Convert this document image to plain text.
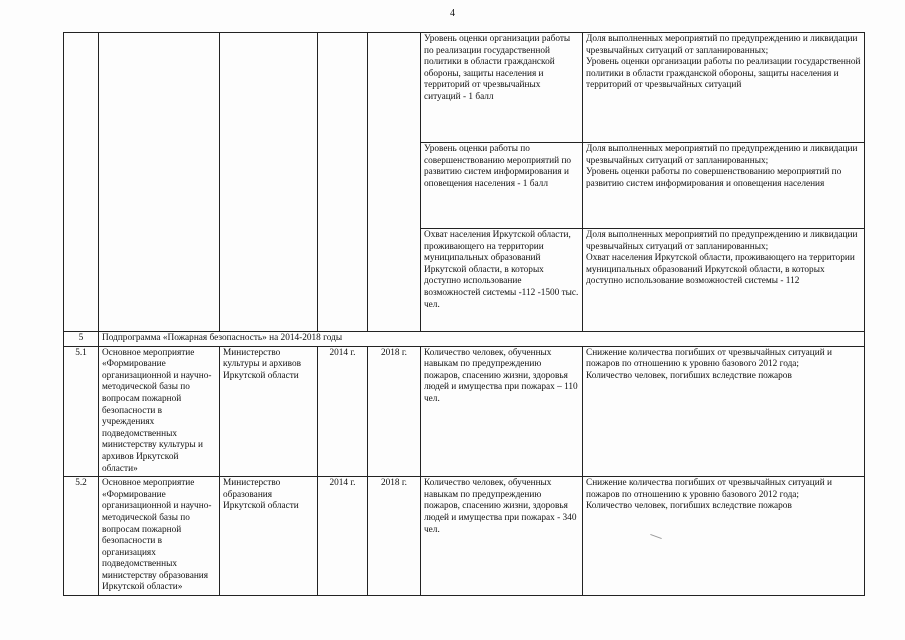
4

					Уровень оценки организации работы по реализации государственной политики в области гражданской обороны, защиты населения и территорий от чрезвычайных ситуаций - 1 балл	Доля выполненных мероприятий по предупреждению и ликвидации чрезвычайных ситуаций от запланированных;
Уровень оценки организации работы по реализации государственной политики в области гражданской обороны, защиты населения и территорий от чрезвычайных ситуаций

					Уровень оценки работы по совершенствованию мероприятий по развитию систем информирования и оповещения населения - 1 балл	Доля выполненных мероприятий по предупреждению и ликвидации чрезвычайных ситуаций от запланированных;
Уровень оценки работы по совершенствованию мероприятий по развитию систем информирования и оповещения населения

					Охват населения Иркутской области, проживающего на территории муниципальных образований Иркутской области, в которых доступно использование возможностей системы -112 -1500 тыс. чел.	Доля выполненных мероприятий по предупреждению и ликвидации чрезвычайных ситуаций от запланированных;
Охват населения Иркутской области, проживающего на территории муниципальных образований Иркутской области, в которых доступно использование возможностей системы - 112

5	Подпрограмма «Пожарная безопасность» на 2014-2018 годы					
5.1	Основное мероприятие «Формирование организационной и научно-методической базы по вопросам пожарной безопасности в учреждениях подведомственных министерству культуры и архивов Иркутской области»	Министерство культуры и архивов Иркутской области	2014 г.	2018 г.	Количество человек, обученных навыкам по предупреждению пожаров, спасению жизни, здоровья людей и имущества при пожарах – 110 чел.	Снижение количества погибших от чрезвычайных ситуаций и пожаров по отношению к уровню базового 2012 года;
Количество человек, погибших вследствие пожаров

5.2	Основное мероприятие «Формирование организационной и научно-методической базы по вопросам пожарной безопасности в организациях подведомственных министерству образования Иркутской области»	Министерство образования Иркутской области	2014 г.	2018 г.	Количество человек, обученных навыкам по предупреждению пожаров, спасению жизни, здоровья людей и имущества при пожарах - 340 чел.	Снижение количества погибших от чрезвычайных ситуаций и пожаров по отношению к уровню базового 2012 года;
Количество человек, погибших вследствие пожаров
